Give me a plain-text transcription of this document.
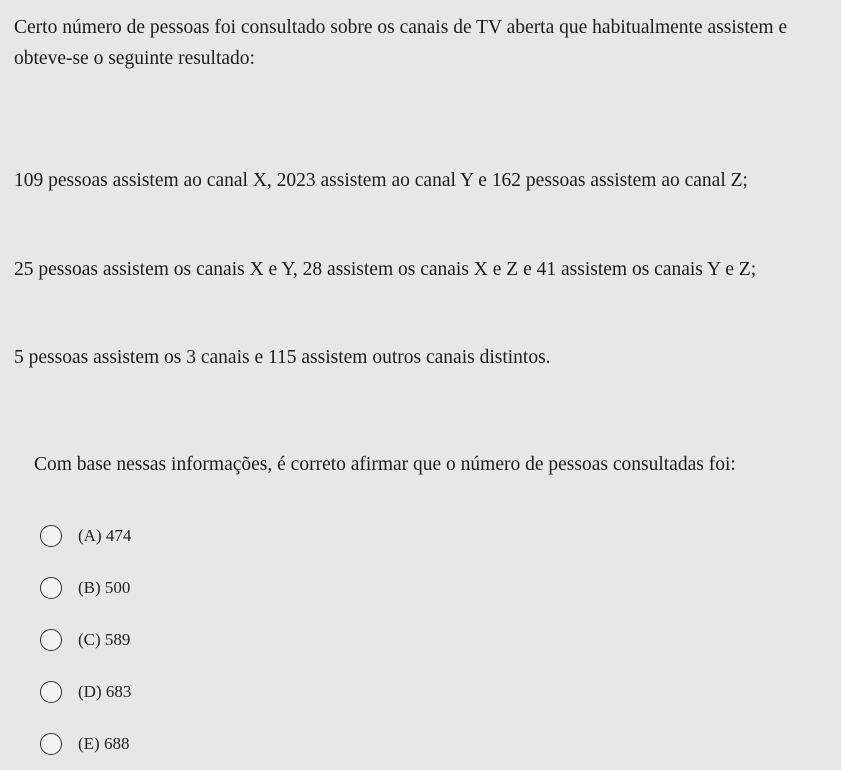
Certo número de pessoas foi consultado sobre os canais de TV aberta que habitualmente assistem e obteve-se o seguinte resultado:

109 pessoas assistem ao canal X, 2023 assistem ao canal Y e 162 pessoas assistem ao canal Z;

25 pessoas assistem os canais X e Y, 28 assistem os canais X e Z e 41 assistem os canais Y e Z;

5 pessoas assistem os 3 canais e 115 assistem outros canais distintos.

Com base nessas informações, é correto afirmar que o número de pessoas consultadas foi:

(A) 474
(B) 500
(C) 589
(D) 683
(E) 688
